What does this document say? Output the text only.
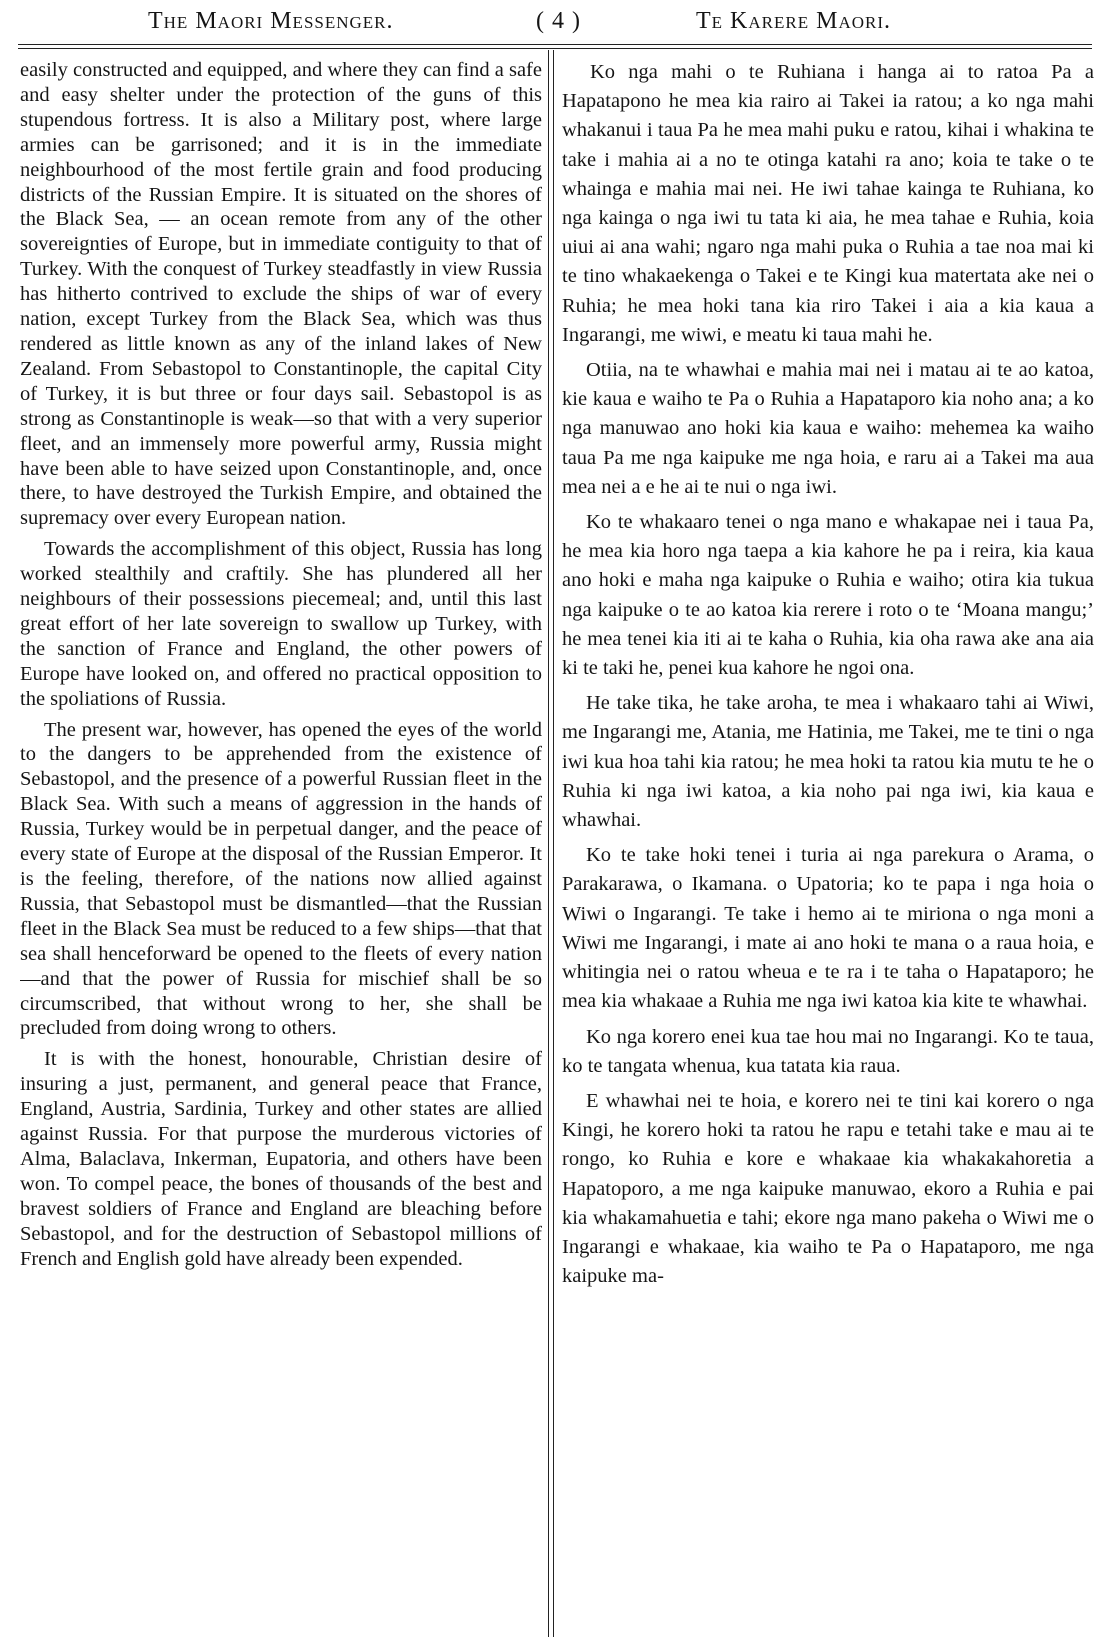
The Maori Messenger.	( 4 )	Te Karere Maori.

easily constructed and equipped, and where they can find a safe and easy shelter under the protection of the guns of this stupendous fortress. It is also a Military post, where large armies can be garrisoned; and it is in the immediate neighbourhood of the most fertile grain and food producing districts of the Russian Empire. It is situated on the shores of the Black Sea, — an ocean remote from any of the other sovereignties of Europe, but in immediate contiguity to that of Turkey. With the conquest of Turkey steadfastly in view Russia has hitherto contrived to exclude the ships of war of every nation, except Turkey from the Black Sea, which was thus rendered as little known as any of the inland lakes of New Zealand. From Sebastopol to Constantinople, the capital City of Turkey, it is but three or four days sail. Sebastopol is as strong as Constantinople is weak—so that with a very superior fleet, and an immensely more powerful army, Russia might have been able to have seized upon Constantinople, and, once there, to have destroyed the Turkish Empire, and obtained the supremacy over every European nation.

Towards the accomplishment of this object, Russia has long worked stealthily and craftily. She has plundered all her neighbours of their possessions piecemeal; and, until this last great effort of her late sovereign to swallow up Turkey, with the sanction of France and England, the other powers of Europe have looked on, and offered no practical opposition to the spoliations of Russia.

The present war, however, has opened the eyes of the world to the dangers to be apprehended from the existence of Sebastopol, and the presence of a powerful Russian fleet in the Black Sea. With such a means of aggression in the hands of Russia, Turkey would be in perpetual danger, and the peace of every state of Europe at the disposal of the Russian Emperor. It is the feeling, therefore, of the nations now allied against Russia, that Sebastopol must be dismantled—that the Russian fleet in the Black Sea must be reduced to a few ships—that that sea shall henceforward be opened to the fleets of every nation—and that the power of Russia for mischief shall be so circumscribed, that without wrong to her, she shall be precluded from doing wrong to others.

It is with the honest, honourable, Christian desire of insuring a just, permanent, and general peace that France, England, Austria, Sardinia, Turkey and other states are allied against Russia. For that purpose the murderous victories of Alma, Balaclava, Inkerman, Eupatoria, and others have been won. To compel peace, the bones of thousands of the best and bravest soldiers of France and England are bleaching before Sebastopol, and for the destruction of Sebastopol millions of French and English gold have already been expended.

Ko nga mahi o te Ruhiana i hanga ai to ratoa Pa a Hapatapono he mea kia rairo ai Takei ia ratou; a ko nga mahi whakanui i taua Pa he mea mahi puku e ratou, kihai i whakina te take i mahia ai a no te otinga katahi ra ano; koia te take o te whainga e mahia mai nei. He iwi tahae kainga te Ruhiana, ko nga kainga o nga iwi tu tata ki aia, he mea tahae e Ruhia, koia uiui ai ana wahi; ngaro nga mahi puka o Ruhia a tae noa mai ki te tino whakaekenga o Takei e te Kingi kua matertata ake nei o Ruhia; he mea hoki tana kia riro Takei i aia a kia kaua a Ingarangi, me wiwi, e meatu ki taua mahi he.

Otiia, na te whawhai e mahia mai nei i matau ai te ao katoa, kie kaua e waiho te Pa o Ruhia a Hapataporo kia noho ana; a ko nga manuwao ano hoki kia kaua e waiho: mehemea ka waiho taua Pa me nga kaipuke me nga hoia, e raru ai a Takei ma aua mea nei a e he ai te nui o nga iwi.

Ko te whakaaro tenei o nga mano e whakapae nei i taua Pa, he mea kia horo nga taepa a kia kahore he pa i reira, kia kaua ano hoki e maha nga kaipuke o Ruhia e waiho; otira kia tukua nga kaipuke o te ao katoa kia rerere i roto o te ‘Moana mangu;’ he mea tenei kia iti ai te kaha o Ruhia, kia oha rawa ake ana aia ki te taki he, penei kua kahore he ngoi ona.

He take tika, he take aroha, te mea i whakaaro tahi ai Wiwi, me Ingarangi me, Atania, me Hatinia, me Takei, me te tini o nga iwi kua hoa tahi kia ratou; he mea hoki ta ratou kia mutu te he o Ruhia ki nga iwi katoa, a kia noho pai nga iwi, kia kaua e whawhai.

Ko te take hoki tenei i turia ai nga parekura o Arama, o Parakarawa, o Ikamana. o Upatoria; ko te papa i nga hoia o Wiwi o Ingarangi. Te take i hemo ai te miriona o nga moni a Wiwi me Ingarangi, i mate ai ano hoki te mana o a raua hoia, e whitingia nei o ratou wheua e te ra i te taha o Hapataporo; he mea kia whakaae a Ruhia me nga iwi katoa kia kite te whawhai.

Ko nga korero enei kua tae hou mai no Ingarangi. Ko te taua, ko te tangata whenua, kua tatata kia raua.

E whawhai nei te hoia, e korero nei te tini kai korero o nga Kingi, he korero hoki ta ratou he rapu e tetahi take e mau ai te rongo, ko Ruhia e kore e whakaae kia whakakahoretia a Hapatoporo, a me nga kaipuke manuwao, ekoro a Ruhia e pai kia whakamahuetia e tahi; ekore nga mano pakeha o Wiwi me o Ingarangi e whakaae, kia waiho te Pa o Hapataporo, me nga kaipuke ma-
